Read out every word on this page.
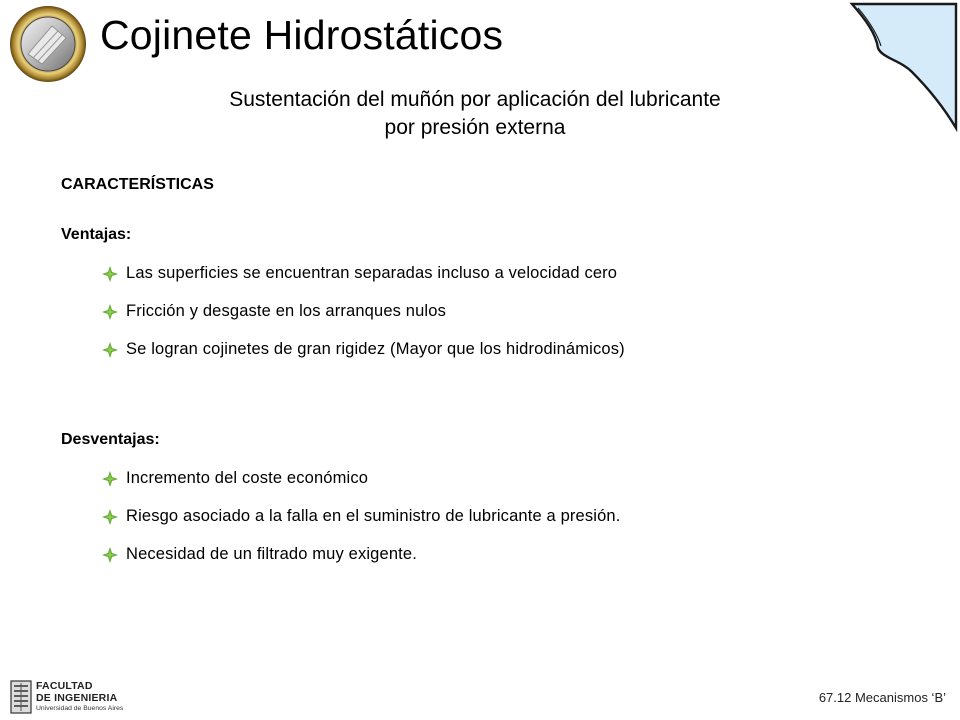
Cojinete Hidrostáticos
Sustentación del muñón por aplicación del lubricante
por presión externa
CARACTERÍSTICAS
Ventajas:
Las superficies se encuentran separadas incluso a velocidad cero
Fricción y desgaste en los arranques nulos
Se logran cojinetes de gran rigidez (Mayor que los hidrodinámicos)
Desventajas:
Incremento del coste económico
Riesgo asociado a la falla en el suministro de lubricante a presión.
Necesidad de un filtrado muy exigente.
FACULTAD
DE INGENIERIA
Universidad de Buenos Aires
67.12 Mecanismos ‘B’
